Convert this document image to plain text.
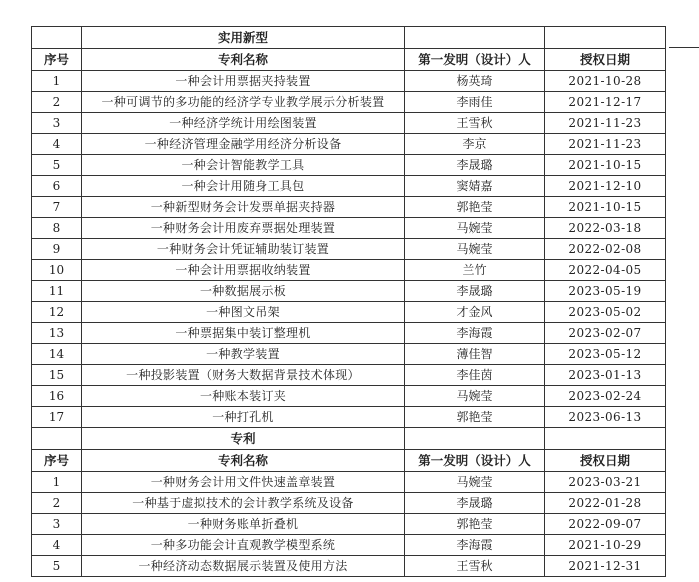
	实用新型		
序号	专利名称	第一发明（设计）人	授权日期
1	一种会计用票据夹持装置	杨英琦	2021-10-28
2	一种可调节的多功能的经济学专业教学展示分析装置	李雨佳	2021-12-17
3	一种经济学统计用绘图装置	王雪秋	2021-11-23
4	一种经济管理金融学用经济分析设备	李京	2021-11-23
5	一种会计智能教学工具	李晟璐	2021-10-15
6	一种会计用随身工具包	窦婧嘉	2021-12-10
7	一种新型财务会计发票单据夹持器	郭艳莹	2021-10-15
8	一种财务会计用废弃票据处理装置	马婉莹	2022-03-18
9	一种财务会计凭证辅助装订装置	马婉莹	2022-02-08
10	一种会计用票据收纳装置	兰竹	2022-04-05
11	一种数据展示板	李晟璐	2023-05-19
12	一种图文吊架	才金风	2023-05-02
13	一种票据集中装订整理机	李海霞	2023-02-07
14	一种教学装置	薄佳智	2023-05-12
15	一种投影装置（财务大数据背景技术体现）	李佳茵	2023-01-13
16	一种账本装订夹	马婉莹	2023-02-24
17	一种打孔机	郭艳莹	2023-06-13
	专利		
序号	专利名称	第一发明（设计）人	授权日期
1	一种财务会计用文件快速盖章装置	马婉莹	2023-03-21
2	一种基于虚拟技术的会计教学系统及设备	李晟璐	2022-01-28
3	一种财务账单折叠机	郭艳莹	2022-09-07
4	一种多功能会计直观教学模型系统	李海霞	2021-10-29
5	一种经济动态数据展示装置及使用方法	王雪秋	2021-12-31
